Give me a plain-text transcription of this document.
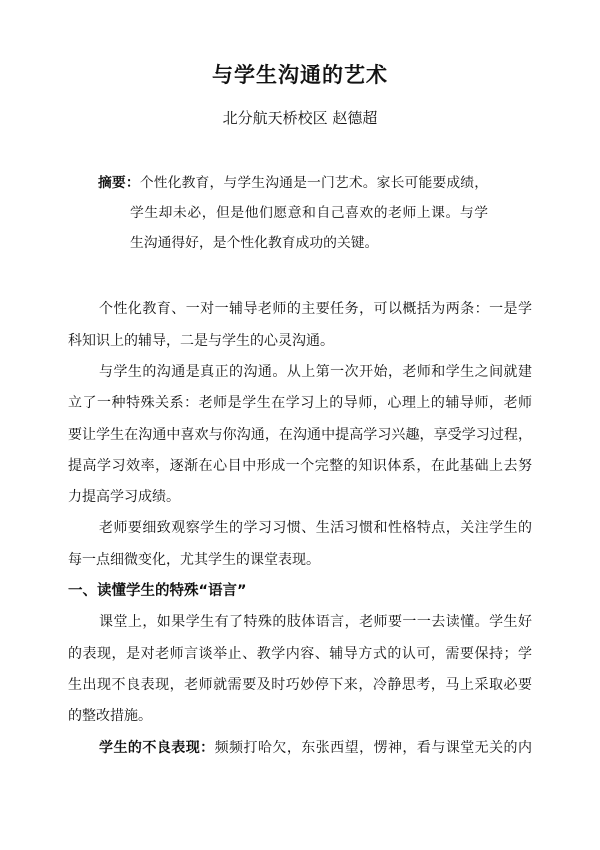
与学生沟通的艺术
北分航天桥校区 赵德超
摘要：个性化教育，与学生沟通是一门艺术。家长可能要成绩，
学生却未必，但是他们愿意和自己喜欢的老师上课。与学
生沟通得好，是个性化教育成功的关键。
个性化教育、一对一辅导老师的主要任务，可以概括为两条：一是学
科知识上的辅导，二是与学生的心灵沟通。
与学生的沟通是真正的沟通。从上第一次开始，老师和学生之间就建
立了一种特殊关系：老师是学生在学习上的导师，心理上的辅导师，老师
要让学生在沟通中喜欢与你沟通，在沟通中提高学习兴趣，享受学习过程，
提高学习效率，逐渐在心目中形成一个完整的知识体系，在此基础上去努
力提高学习成绩。
老师要细致观察学生的学习习惯、生活习惯和性格特点，关注学生的
每一点细微变化，尤其学生的课堂表现。
一、读懂学生的特殊“语言”
课堂上，如果学生有了特殊的肢体语言，老师要一一去读懂。学生好
的表现，是对老师言谈举止、教学内容、辅导方式的认可，需要保持；学
生出现不良表现，老师就需要及时巧妙停下来，冷静思考，马上采取必要
的整改措施。
学生的不良表现：频频打哈欠，东张西望，愣神，看与课堂无关的内
